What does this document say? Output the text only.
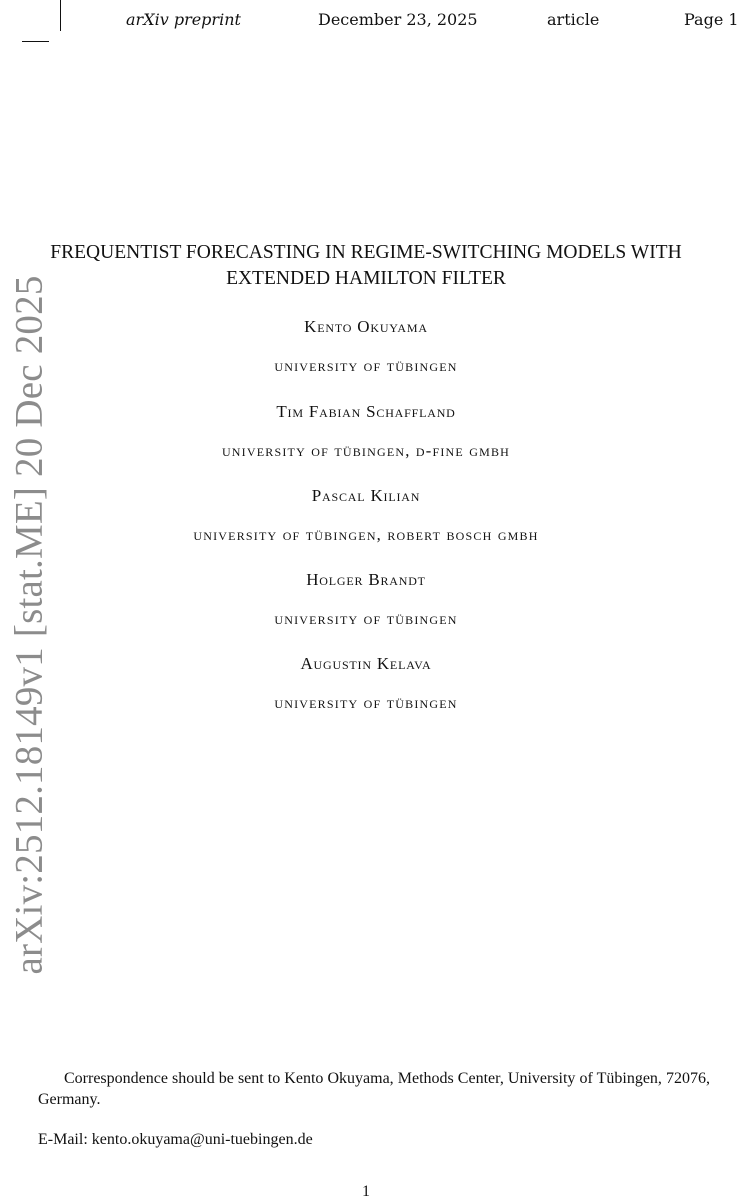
arXiv preprint	December 23, 2025	article	Page 1
arXiv:2512.18149v1 [stat.ME] 20 Dec 2025
FREQUENTIST FORECASTING IN REGIME-SWITCHING MODELS WITH
EXTENDED HAMILTON FILTER
Kento Okuyama
university of tübingen
Tim Fabian Schaffland
university of tübingen, d-fine gmbh
Pascal Kilian
university of tübingen, robert bosch gmbh
Holger Brandt
university of tübingen
Augustin Kelava
university of tübingen

Correspondence should be sent to Kento Okuyama, Methods Center, University of Tübingen, 72076, Germany.

E-Mail: kento.okuyama@uni-tuebingen.de

1
